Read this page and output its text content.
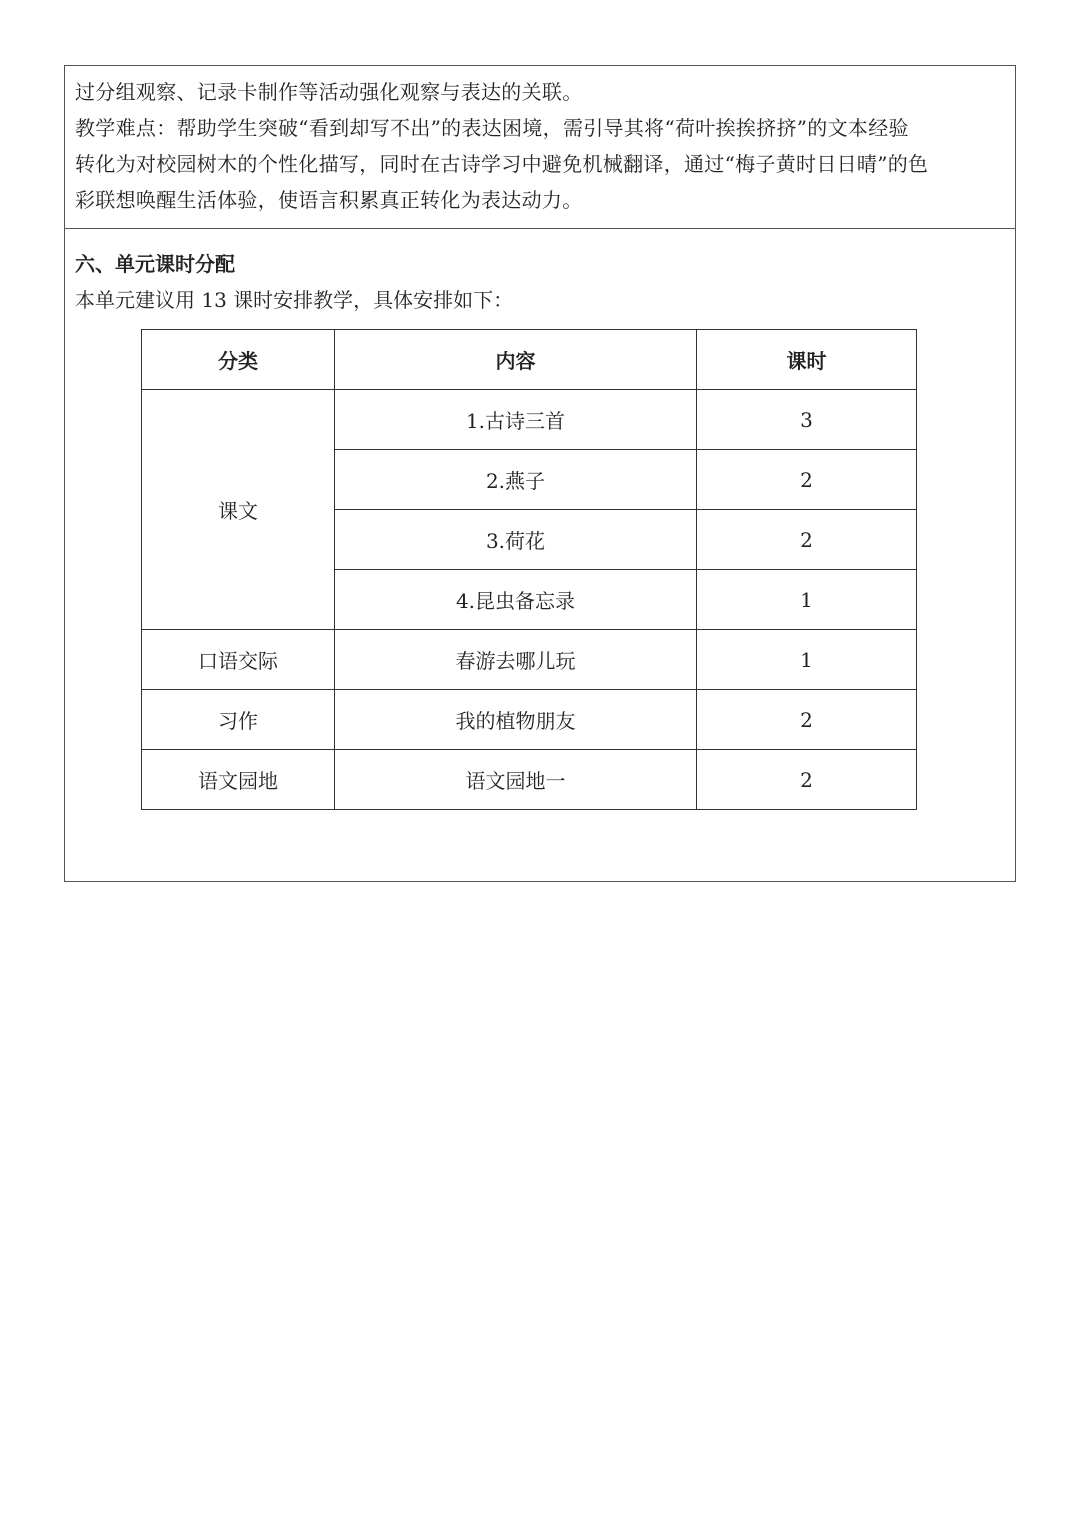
过分组观察、记录卡制作等活动强化观察与表达的关联。
教学难点：帮助学生突破“看到却写不出”的表达困境，需引导其将“荷叶挨挨挤挤”的文本经验
转化为对校园树木的个性化描写，同时在古诗学习中避免机械翻译，通过“梅子黄时日日晴”的色
彩联想唤醒生活体验，使语言积累真正转化为表达动力。
六、单元课时分配
本单元建议用 13 课时安排教学，具体安排如下：
分类	内容	课时
课文	1.古诗三首	3
	2.燕子	2
	3.荷花	2
	4.昆虫备忘录	1
口语交际	春游去哪儿玩	1
习作	我的植物朋友	2
语文园地	语文园地一	2
